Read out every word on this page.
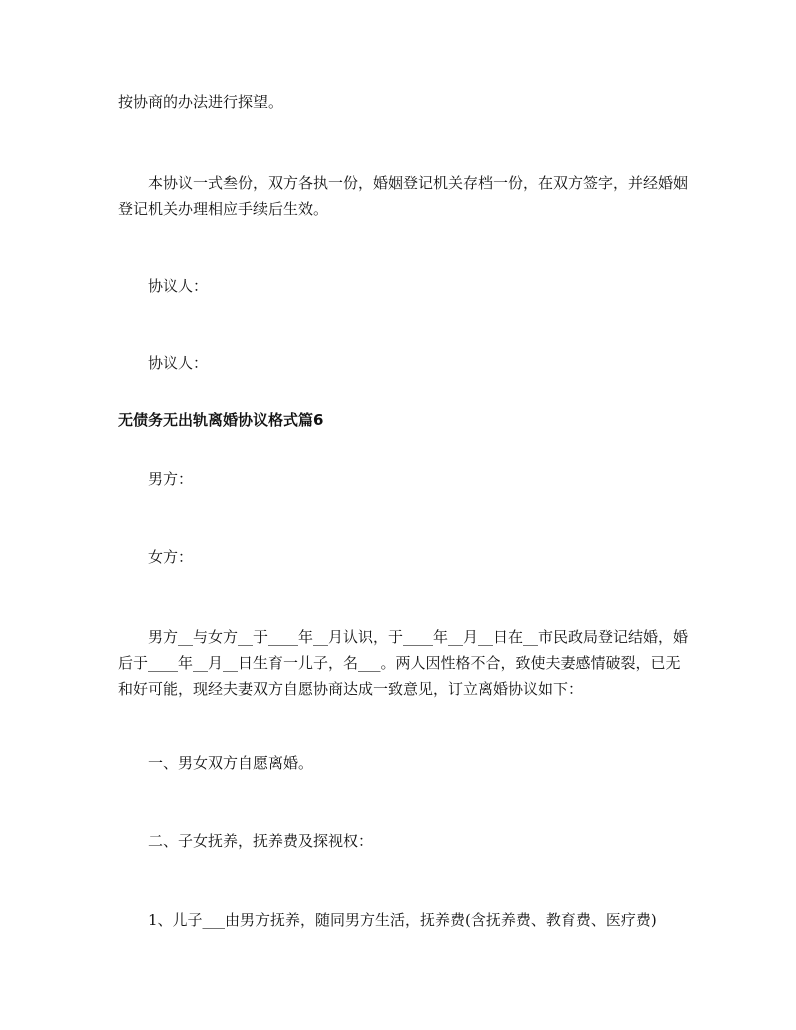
按协商的办法进行探望。

本协议一式叁份，双方各执一份，婚姻登记机关存档一份，在双方签字，并经婚姻登记机关办理相应手续后生效。

协议人：

协议人：

无债务无出轨离婚协议格式篇6

男方：

女方：

男方__与女方__于____年__月认识，于____年__月__日在__市民政局登记结婚，婚后于____年__月__日生育一儿子，名___。两人因性格不合，致使夫妻感情破裂，已无和好可能，现经夫妻双方自愿协商达成一致意见，订立离婚协议如下：

一、男女双方自愿离婚。

二、子女抚养，抚养费及探视权：

1、儿子___由男方抚养，随同男方生活，抚养费(含抚养费、教育费、医疗费)
